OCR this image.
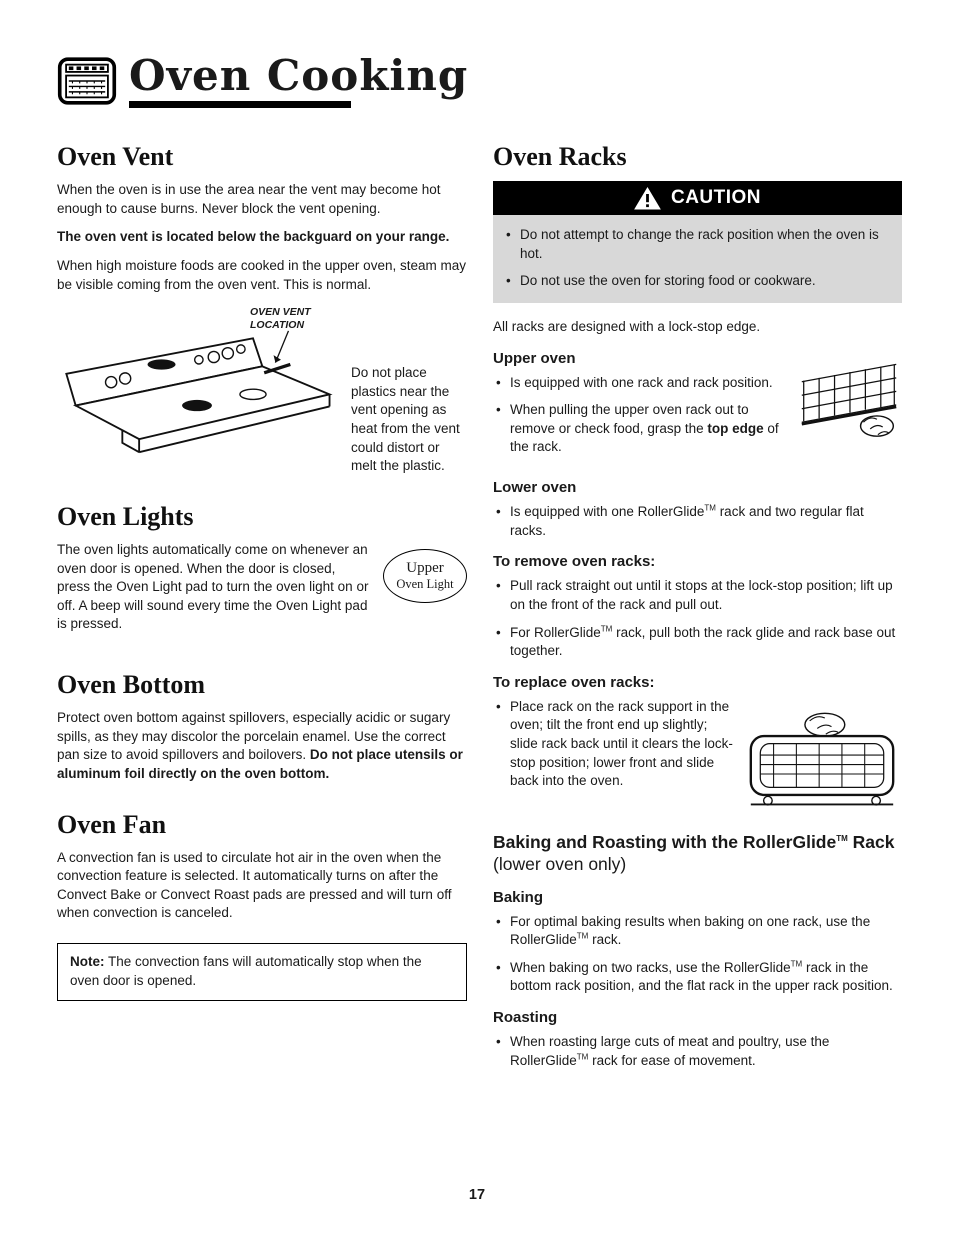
Oven Cooking
Oven Vent

When the oven is in use the area near the vent may become hot enough to cause burns. Never block the vent opening.

The oven vent is located below the backguard on your range.

When high moisture foods are cooked in the upper oven, steam may be visible coming from the oven vent. This is normal.

OVEN VENT LOCATION
Do not place plastics near the vent opening as heat from the vent could distort or melt the plastic.
Oven Lights

The oven lights automatically come on whenever an oven door is opened. When the door is closed, press the Oven Light pad to turn the oven light on or off. A beep will sound every time the Oven Light pad is pressed.

Upper
Oven Light
Oven Bottom

Protect oven bottom against spillovers, especially acidic or sugary spills, as they may discolor the porcelain enamel. Use the correct pan size to avoid spillovers and boilovers. Do not place utensils or aluminum foil directly on the oven bottom.

Oven Fan

A convection fan is used to circulate hot air in the oven when the convection feature is selected. It automatically turns on after the Convect Bake or Convect Roast pads are pressed and will turn off when convection is canceled.

Note: The convection fans will automatically stop when the oven door is opened.
Oven Racks
CAUTION
• Do not attempt to change the rack position when the oven is hot.
• Do not use the oven for storing food or cookware.

All racks are designed with a lock-stop edge.

Upper oven
• Is equipped with one rack and rack position.
• When pulling the upper oven rack out to remove or check food, grasp the top edge of the rack.
Lower oven
• Is equipped with one RollerGlide™ rack and two regular flat racks.
To remove oven racks:
• Pull rack straight out until it stops at the lock-stop position; lift up on the front of the rack and pull out.
• For RollerGlide™ rack, pull both the rack glide and rack base out together.
To replace oven racks:
• Place rack on the rack support in the oven; tilt the front end up slightly; slide rack back until it clears the lock-stop position; lower front and slide back into the oven.
Baking and Roasting with the RollerGlide™ Rack (lower oven only)
Baking
• For optimal baking results when baking on one rack, use the RollerGlide™ rack.
• When baking on two racks, use the RollerGlide™ rack in the bottom rack position, and the flat rack in the upper rack position.
Roasting
• When roasting large cuts of meat and poultry, use the RollerGlide™ rack for ease of movement.
17
